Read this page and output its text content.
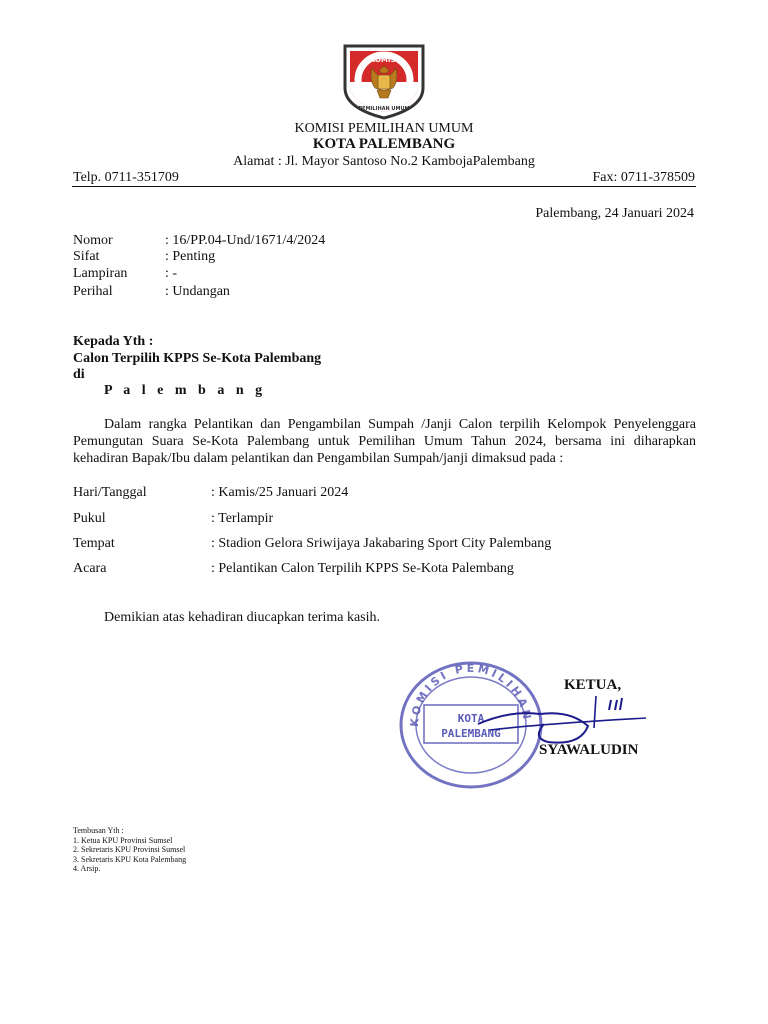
KOMISI
PEMILIHAN UMUM
KOMISI PEMILIHAN UMUM
KOTA PALEMBANG
Alamat : Jl. Mayor Santoso No.2 KambojaPalembang
Telp. 0711-351709	Fax: 0711-378509
Palembang, 24 Januari 2024
Nomor	: 16/PP.04-Und/1671/4/2024
Sifat	: Penting
Lampiran	: -
Perihal	: Undangan
Kepada Yth :
Calon Terpilih KPPS Se-Kota Palembang
di
P a l e m b a n g

Dalam rangka Pelantikan dan Pengambilan Sumpah /Janji Calon terpilih Kelompok Penyelenggara Pemungutan Suara Se-Kota Palembang untuk Pemilihan Umum Tahun 2024, bersama ini diharapkan kehadiran Bapak/Ibu dalam pelantikan dan Pengambilan Sumpah/janji dimaksud pada :

Hari/Tanggal	: Kamis/25 Januari 2024
Pukul	: Terlampir
Tempat	: Stadion Gelora Sriwijaya Jakabaring Sport City Palembang
Acara	: Pelantikan Calon Terpilih KPPS Se-Kota Palembang
Demikian atas kehadiran diucapkan terima kasih.
KOMISI PEMILIHAN
KOTA
PALEMBANG
KETUA,
SYAWALUDIN
Tembusan Yth :
1. Ketua KPU Provinsi Sumsel
2. Sekretaris KPU Provinsi Sumsel
3. Sekretaris KPU Kota Palembang
4. Arsip.
